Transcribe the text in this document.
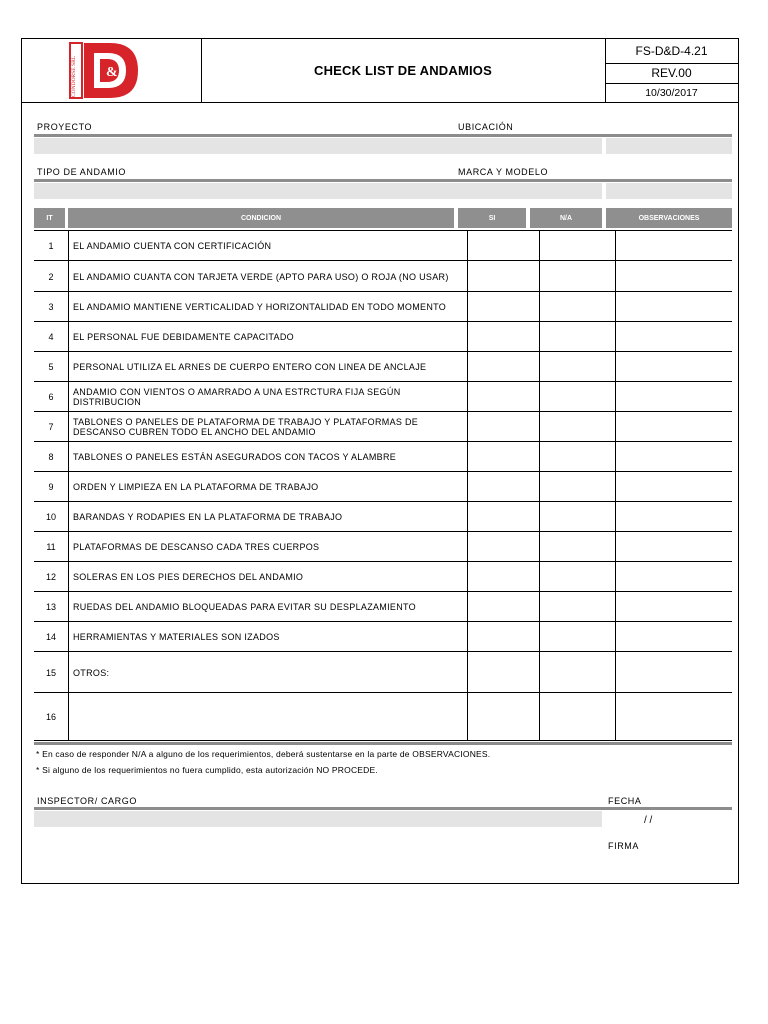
&
CONDORSE SRL
D&D
CHECK LIST DE ANDAMIOS
FS-D&D-4.21
REV.00
10/30/2017
PROYECTO	UBICACIÓN
TIPO DE ANDAMIO	MARCA Y MODELO
IT	CONDICION	SI	N/A	OBSERVACIONES
1	EL ANDAMIO CUENTA CON CERTIFICACIÓN
2	EL ANDAMIO CUANTA CON TARJETA VERDE (APTO PARA USO) O ROJA (NO USAR)
3	EL ANDAMIO MANTIENE VERTICALIDAD Y HORIZONTALIDAD EN TODO MOMENTO
4	EL PERSONAL FUE DEBIDAMENTE CAPACITADO
5	PERSONAL UTILIZA EL ARNES DE CUERPO ENTERO CON LINEA DE ANCLAJE
6	ANDAMIO CON VIENTOS O AMARRADO A UNA ESTRCTURA FIJA SEGÚN DISTRIBUCION
7	TABLONES O PANELES DE PLATAFORMA DE TRABAJO Y PLATAFORMAS DE DESCANSO CUBREN TODO EL ANCHO DEL ANDAMIO
8	TABLONES O PANELES ESTÁN ASEGURADOS CON TACOS Y ALAMBRE
9	ORDEN Y LIMPIEZA EN LA PLATAFORMA DE TRABAJO
10	BARANDAS Y RODAPIES EN LA PLATAFORMA DE TRABAJO
11	PLATAFORMAS DE DESCANSO CADA TRES CUERPOS
12	SOLERAS EN LOS PIES DERECHOS DEL ANDAMIO
13	RUEDAS DEL ANDAMIO BLOQUEADAS PARA EVITAR SU DESPLAZAMIENTO
14	HERRAMIENTAS Y MATERIALES SON IZADOS
15	OTROS:
16
* En caso de responder N/A a alguno de los requerimientos, deberá sustentarse en la parte de OBSERVACIONES.
* Si alguno de los requerimientos no fuera cumplido, esta autorización NO PROCEDE.
INSPECTOR/ CARGO	FECHA
/ /
FIRMA
